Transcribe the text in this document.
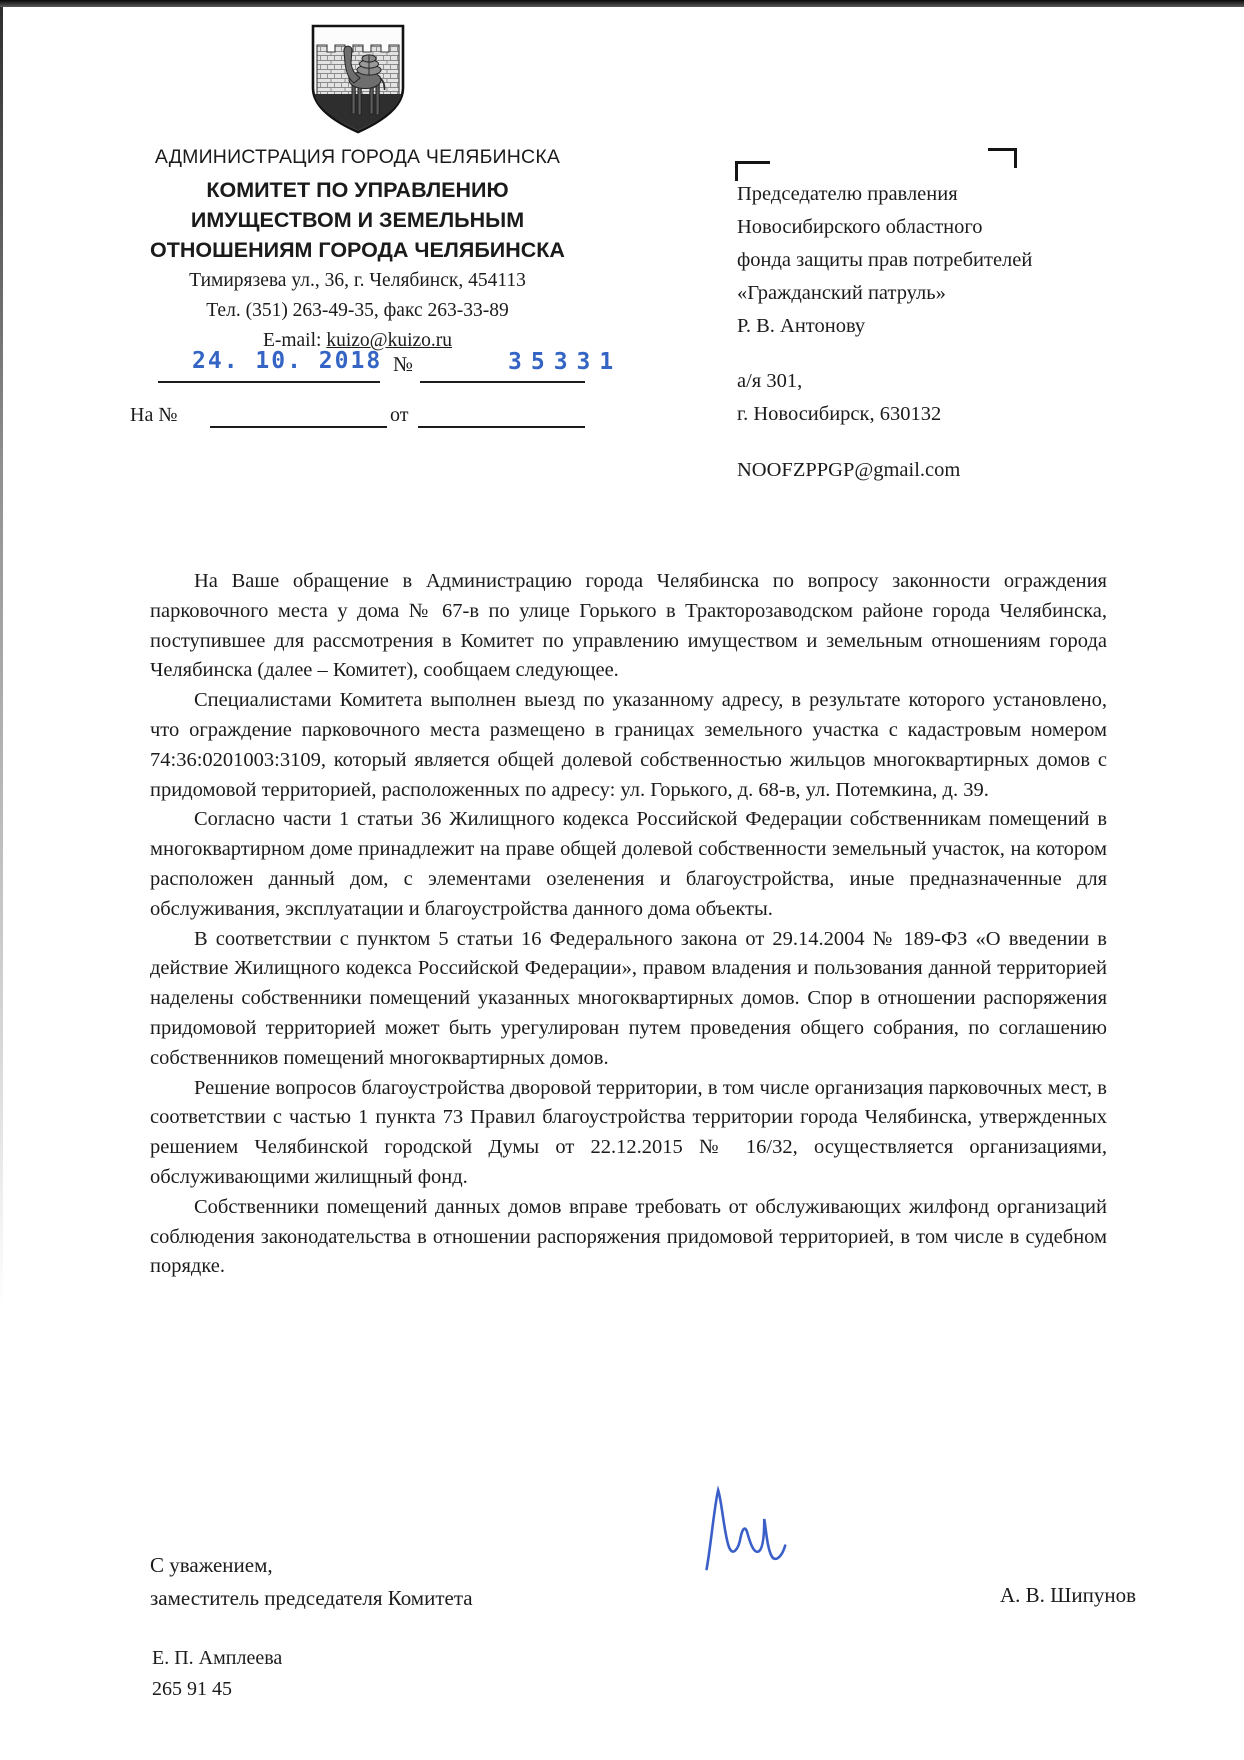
АДМИНИСТРАЦИЯ ГОРОДА ЧЕЛЯБИНСКА
КОМИТЕТ ПО УПРАВЛЕНИЮ
ИМУЩЕСТВОМ И ЗЕМЕЛЬНЫМ
ОТНОШЕНИЯМ ГОРОДА ЧЕЛЯБИНСКА
Тимирязева ул., 36, г. Челябинск, 454113
Тел. (351) 263-49-35, факс 263-33-89
E-mail: kuizo@kuizo.ru
24. 10. 2018 №	35331
На №	от
Председателю правления
Новосибирского областного
фонда защиты прав потребителей
«Гражданский патруль»
Р. В. Антонову
а/я 301,
г. Новосибирск, 630132
NOOFZPPGP@gmail.com

На Ваше обращение в Администрацию города Челябинска по вопросу законности ограждения парковочного места у дома № 67-в по улице Горького в Тракторозаводском районе города Челябинска, поступившее для рассмотрения в Комитет по управлению имуществом и земельным отношениям города Челябинска (далее – Комитет), сообщаем следующее.

Специалистами Комитета выполнен выезд по указанному адресу, в результате которого установлено, что ограждение парковочного места размещено в границах земельного участка с кадастровым номером 74:36:0201003:3109, который является общей долевой собственностью жильцов многоквартирных домов с придомовой территорией, расположенных по адресу: ул. Горького, д. 68-в, ул. Потемкина, д. 39.

Согласно части 1 статьи 36 Жилищного кодекса Российской Федерации собственникам помещений в многоквартирном доме принадлежит на праве общей долевой собственности земельный участок, на котором расположен данный дом, с элементами озеленения и благоустройства, иные предназначенные для обслуживания, эксплуатации и благоустройства данного дома объекты.

В соответствии с пунктом 5 статьи 16 Федерального закона от 29.14.2004 № 189-ФЗ «О введении в действие Жилищного кодекса Российской Федерации», правом владения и пользования данной территорией наделены собственники помещений указанных многоквартирных домов. Спор в отношении распоряжения придомовой территорией может быть урегулирован путем проведения общего собрания, по соглашению собственников помещений многоквартирных домов.

Решение вопросов благоустройства дворовой территории, в том числе организация парковочных мест, в соответствии с частью 1 пункта 73 Правил благоустройства территории города Челябинска, утвержденных решением Челябинской городской Думы от 22.12.2015 № 16/32, осуществляется организациями, обслуживающими жилищный фонд.

Собственники помещений данных домов вправе требовать от обслуживающих жилфонд организаций соблюдения законодательства в отношении распоряжения придомовой территорией, в том числе в судебном порядке.

С уважением,
заместитель председателя Комитета	А. В. Шипунов
Е. П. Амплеева
265 91 45
